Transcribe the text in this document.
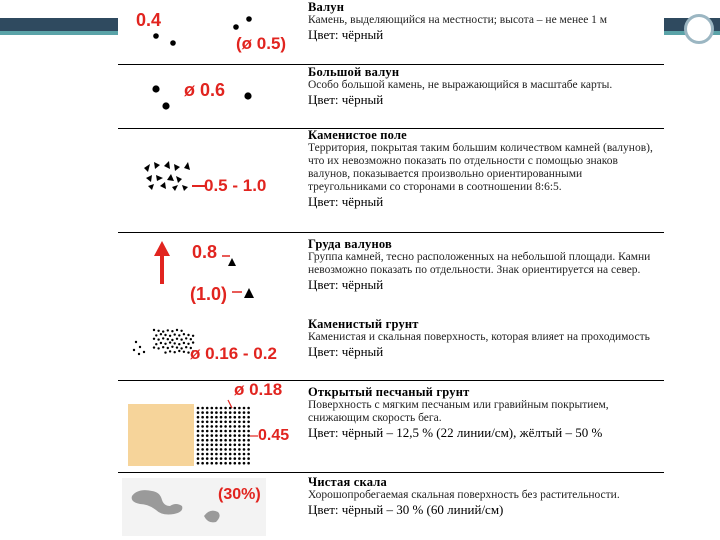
0.4
(ø 0.5)
Валун
Камень, выделяющийся на местности; высота – не менее 1 м
Цвет: чёрный
ø 0.6
Большой валун
Особо большой камень, не выражающийся в масштабе карты.
Цвет: чёрный
0.5 - 1.0
Каменистое поле
Территория, покрытая таким большим количеством камней (валунов), что их невозможно показать по отдельности с помощью знаков валунов, показывается произвольно ориентированными треугольниками со сторонами в соотношении 8:6:5.
Цвет: чёрный
0.8
(1.0)
Груда валунов
Группа камней, тесно расположенных на небольшой площади. Камни невозможно показать по отдельности. Знак ориентируется на север.
Цвет: чёрный
ø 0.16 - 0.2
Каменистый грунт
Каменистая и скальная поверхность, которая влияет на проходимость
Цвет: чёрный
ø 0.18
0.45
Открытый песчаный грунт
Поверхность с мягким песчаным или гравийным покрытием, снижающим скорость бега.
Цвет: чёрный – 12,5 % (22 линии/см), жёлтый – 50 %
(30%)
Чистая скала
Хорошопробегаемая скальная поверхность без растительности.
Цвет: чёрный – 30 % (60 линий/см)
